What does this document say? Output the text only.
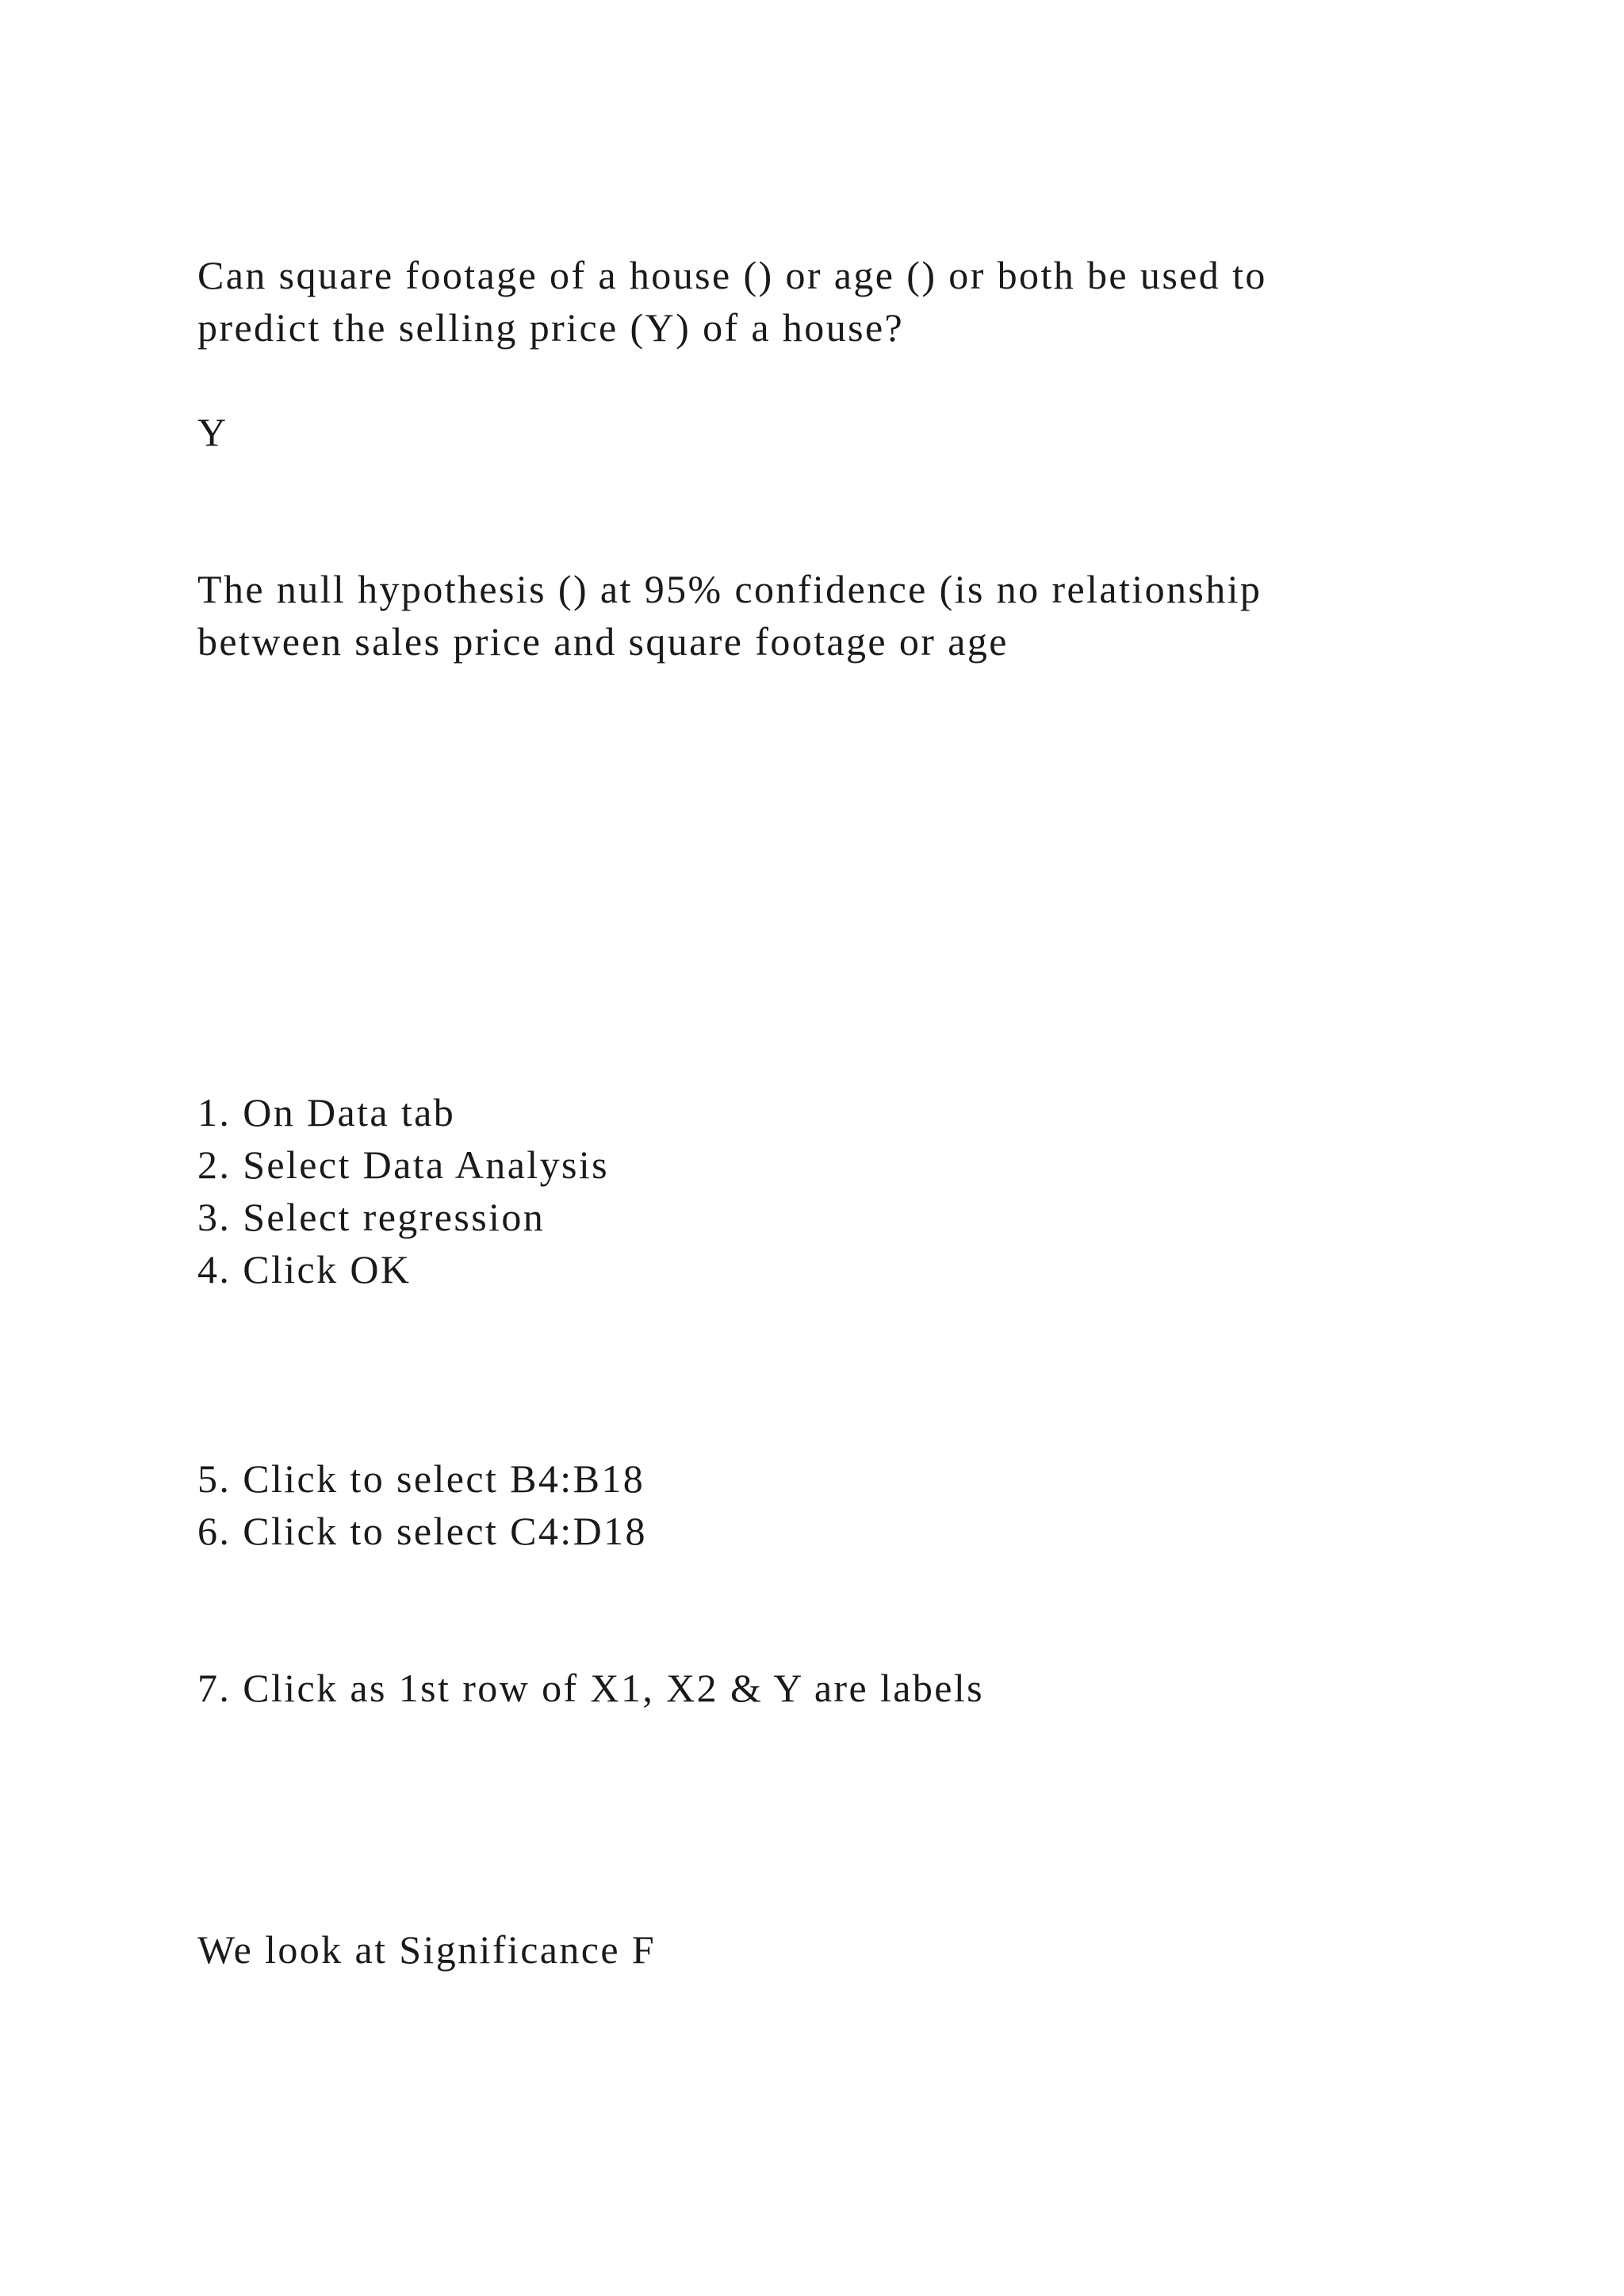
Can square footage of a house () or age () or both be used to
predict the selling price (Y) of a house?
Y
The null hypothesis () at 95% confidence (is no relationship
between sales price and square footage or age
1. On Data tab
2. Select Data Analysis
3. Select regression
4. Click OK
5. Click to select B4:B18
6. Click to select C4:D18
7. Click as 1st row of X1, X2 & Y are labels
We look at Significance F
